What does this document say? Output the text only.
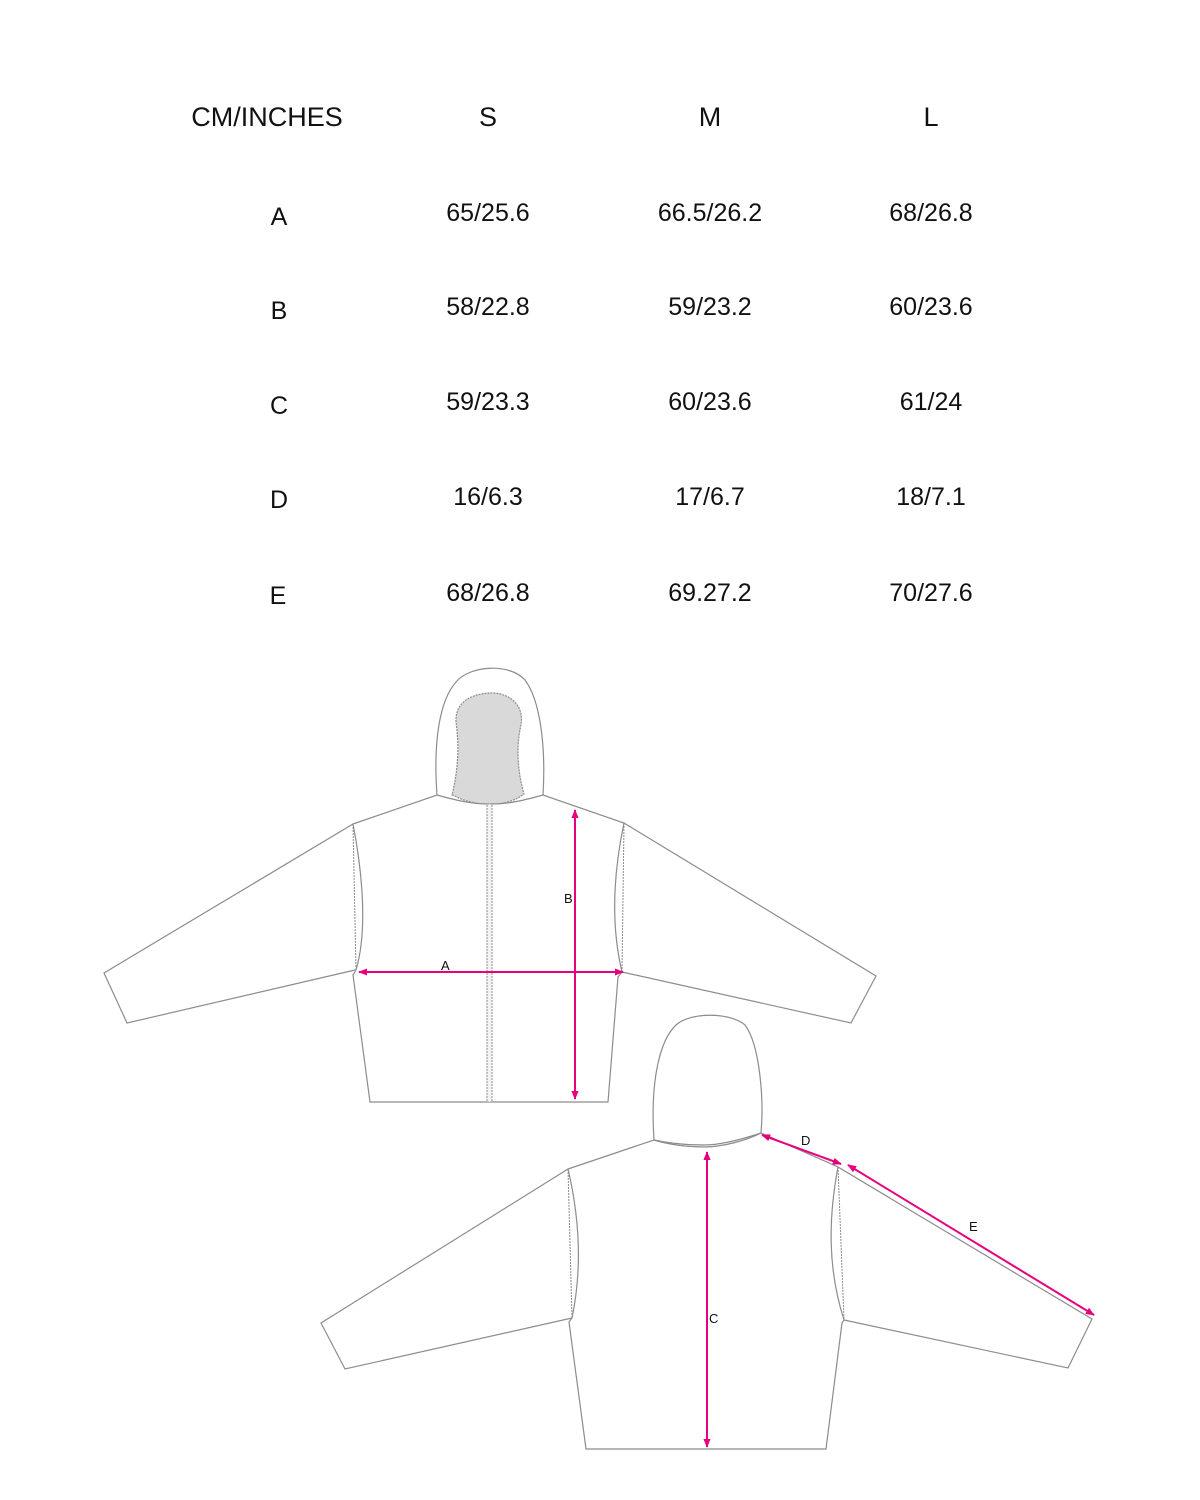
CM/INCHES	S	M	L
A	65/25.6	66.5/26.2	68/26.8
B	58/22.8	59/23.2	60/23.6
C	59/23.3	60/23.6	61/24
D	16/6.3	17/6.7	18/7.1
E	68/26.8	69.27.2	70/27.6
A
B
C
D
E
